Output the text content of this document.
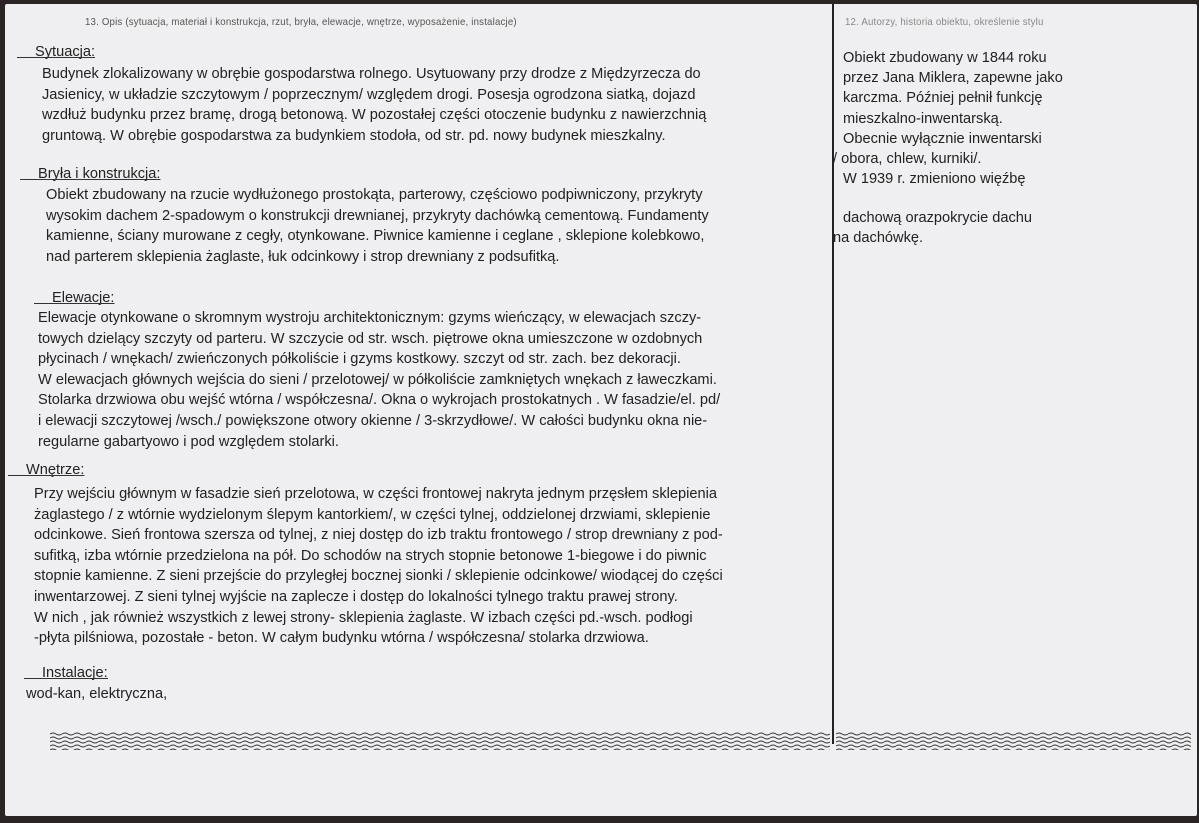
13. Opis (sytuacja, materiał i konstrukcja, rzut, bryła, elewacje, wnętrze, wyposażenie, instalacje)	12. Autorzy, historia obiektu, określenie stylu
Sytuacja:
Budynek zlokalizowany w obrębie gospodarstwa rolnego. Usytuowany przy drodze z Międzyrzecza do
Jasienicy, w układzie szczytowym / poprzecznym/ względem drogi. Posesja ogrodzona siatką, dojazd
wzdłuż budynku przez bramę, drogą betonową. W pozostałej części otoczenie budynku z nawierzchnią
gruntową. W obrębie gospodarstwa za budynkiem stodoła, od str. pd. nowy budynek mieszkalny.
Bryła i konstrukcja:
Obiekt zbudowany na rzucie wydłużonego prostokąta, parterowy, częściowo podpiwniczony, przykryty
wysokim dachem 2-spadowym o konstrukcji drewnianej, przykryty dachówką cementową. Fundamenty
kamienne, ściany murowane z cegły, otynkowane. Piwnice kamienne i ceglane , sklepione kolebkowo,
nad parterem sklepienia żaglaste, łuk odcinkowy i strop drewniany z podsufitką.
Elewacje:
Elewacje otynkowane o skromnym wystroju architektonicznym: gzyms wieńczący, w elewacjach szczy-
towych dzielący szczyty od parteru. W szczycie od str. wsch. piętrowe okna umieszczone w ozdobnych
płycinach / wnękach/ zwieńczonych półkoliście i gzyms kostkowy. szczyt od str. zach. bez dekoracji.
W elewacjach głównych wejścia do sieni / przelotowej/ w półkoliście zamkniętych wnękach z ławeczkami.
Stolarka drzwiowa obu wejść wtórna / współczesna/. Okna o wykrojach prostokatnych . W fasadzie/el. pd/
i elewacji szczytowej /wsch./ powiększone otwory okienne / 3-skrzydłowe/. W całości budynku okna nie-
regularne gabartyowo i pod względem stolarki.
Wnętrze:
Przy wejściu głównym w fasadzie sień przelotowa, w części frontowej nakryta jednym przęsłem sklepienia
żaglastego / z wtórnie wydzielonym ślepym kantorkiem/, w części tylnej, oddzielonej drzwiami, sklepienie
odcinkowe. Sień frontowa szersza od tylnej, z niej dostęp do izb traktu frontowego / strop drewniany z pod-
sufitką, izba wtórnie przedzielona na pół. Do schodów na strych stopnie betonowe 1-biegowe i do piwnic
stopnie kamienne. Z sieni przejście do przyległej bocznej sionki / sklepienie odcinkowe/ wiodącej do części
inwentarzowej. Z sieni tylnej wyjście na zaplecze i dostęp do lokalności tylnego traktu prawej strony.
W nich , jak również wszystkich z lewej strony- sklepienia żaglaste. W izbach części pd.-wsch. podłogi
-płyta pilśniowa, pozostałe - beton. W całym budynku wtórna / współczesna/ stolarka drzwiowa.
Instalacje:
wod-kan, elektryczna,
Obiekt zbudowany w 1844 roku
przez Jana Miklera, zapewne jako
karczma. Później pełnił funkcję
mieszkalno-inwentarską.
Obecnie wyłącznie inwentarski
/ obora, chlew, kurniki/.
W 1939 r. zmieniono więźbę
dachową orazpokrycie dachu
na dachówkę.
